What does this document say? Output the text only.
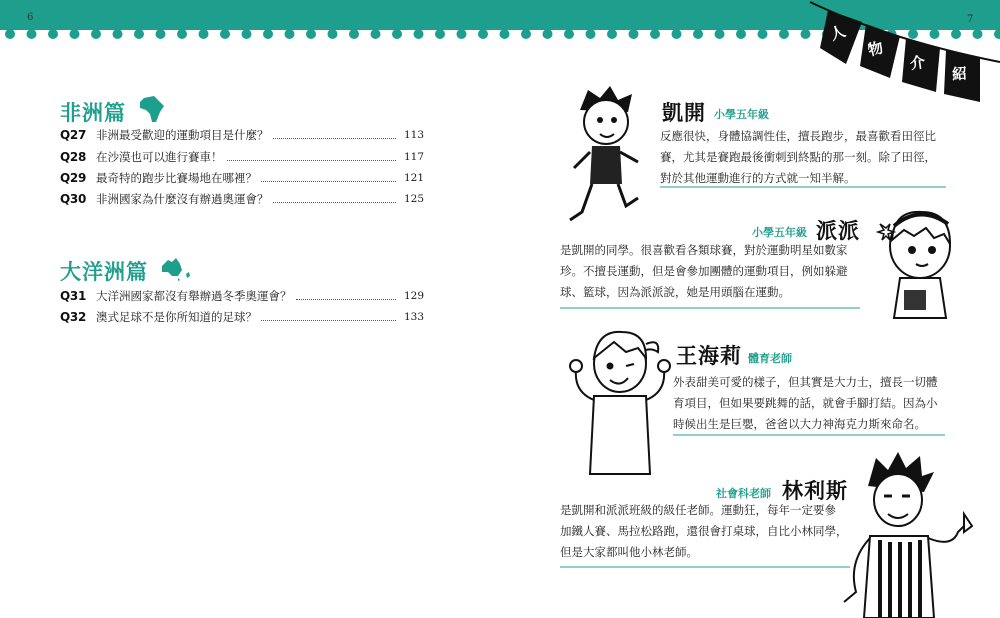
6	7
人
物
介
紹
非洲篇
Q27 非洲最受歡迎的運動項目是什麼？	113
Q28 在沙漠也可以進行賽車！	117
Q29 最奇特的跑步比賽場地在哪裡？	121
Q30 非洲國家為什麼沒有辦過奧運會？	125
大洋洲篇
Q31 大洋洲國家都沒有舉辦過冬季奧運會？	129
Q32 澳式足球不是你所知道的足球？	133
凱開 小學五年級
反應很快，身體協調性佳，擅長跑步，最喜歡看田徑比
賽，尤其是賽跑最後衝刺到終點的那一刻。除了田徑，
對於其他運動進行的方式就一知半解。
小學五年級 派派
是凱開的同學。很喜歡看各類球賽，對於運動明星如數家
珍。不擅長運動，但是會參加團體的運動項目，例如躲避
球、籃球，因為派派說，她是用頭腦在運動。
王海莉 體育老師
外表甜美可愛的樣子，但其實是大力士，擅長一切體
育項目，但如果要跳舞的話，就會手腳打結。因為小
時候出生是巨嬰，爸爸以大力神海克力斯來命名。
社會科老師 林利斯
是凱開和派派班級的級任老師。運動狂，每年一定要參
加鐵人賽、馬拉松路跑，還很會打桌球，自比小林同學，
但是大家都叫他小林老師。
